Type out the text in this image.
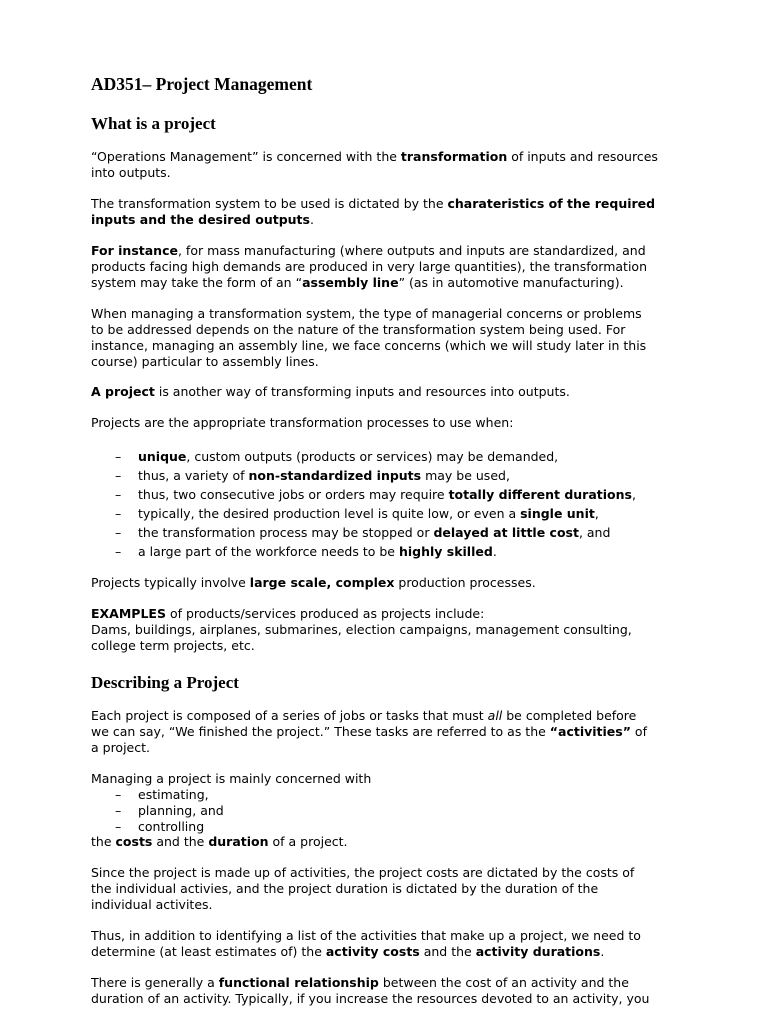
AD351– Project Management
What is a project
“Operations Management” is concerned with the transformation of inputs and resources
into outputs.
The transformation system to be used is dictated by the charateristics of the required
inputs and the desired outputs.
For instance, for mass manufacturing (where outputs and inputs are standardized, and
products facing high demands are produced in very large quantities), the transformation
system may take the form of an “assembly line” (as in automotive manufacturing).
When managing a transformation system, the type of managerial concerns or problems
to be addressed depends on the nature of the transformation system being used. For
instance, managing an assembly line, we face concerns (which we will study later in this
course) particular to assembly lines.
A project is another way of transforming inputs and resources into outputs.
Projects are the appropriate transformation processes to use when:
– unique, custom outputs (products or services) may be demanded,
– thus, a variety of non-standardized inputs may be used,
– thus, two consecutive jobs or orders may require totally different durations,
– typically, the desired production level is quite low, or even a single unit,
– the transformation process may be stopped or delayed at little cost, and
– a large part of the workforce needs to be highly skilled.
Projects typically involve large scale, complex production processes.
EXAMPLES of products/services produced as projects include:
Dams, buildings, airplanes, submarines, election campaigns, management consulting,
college term projects, etc.
Describing a Project
Each project is composed of a series of jobs or tasks that must all be completed before
we can say, “We finished the project.” These tasks are referred to as the “activities” of
a project.
Managing a project is mainly concerned with
– estimating,
– planning, and
– controlling
the costs and the duration of a project.
Since the project is made up of activities, the project costs are dictated by the costs of
the individual activies, and the project duration is dictated by the duration of the
individual activites.
Thus, in addition to identifying a list of the activities that make up a project, we need to
determine (at least estimates of) the activity costs and the activity durations.
There is generally a functional relationship between the cost of an activity and the
duration of an activity. Typically, if you increase the resources devoted to an activity, you
